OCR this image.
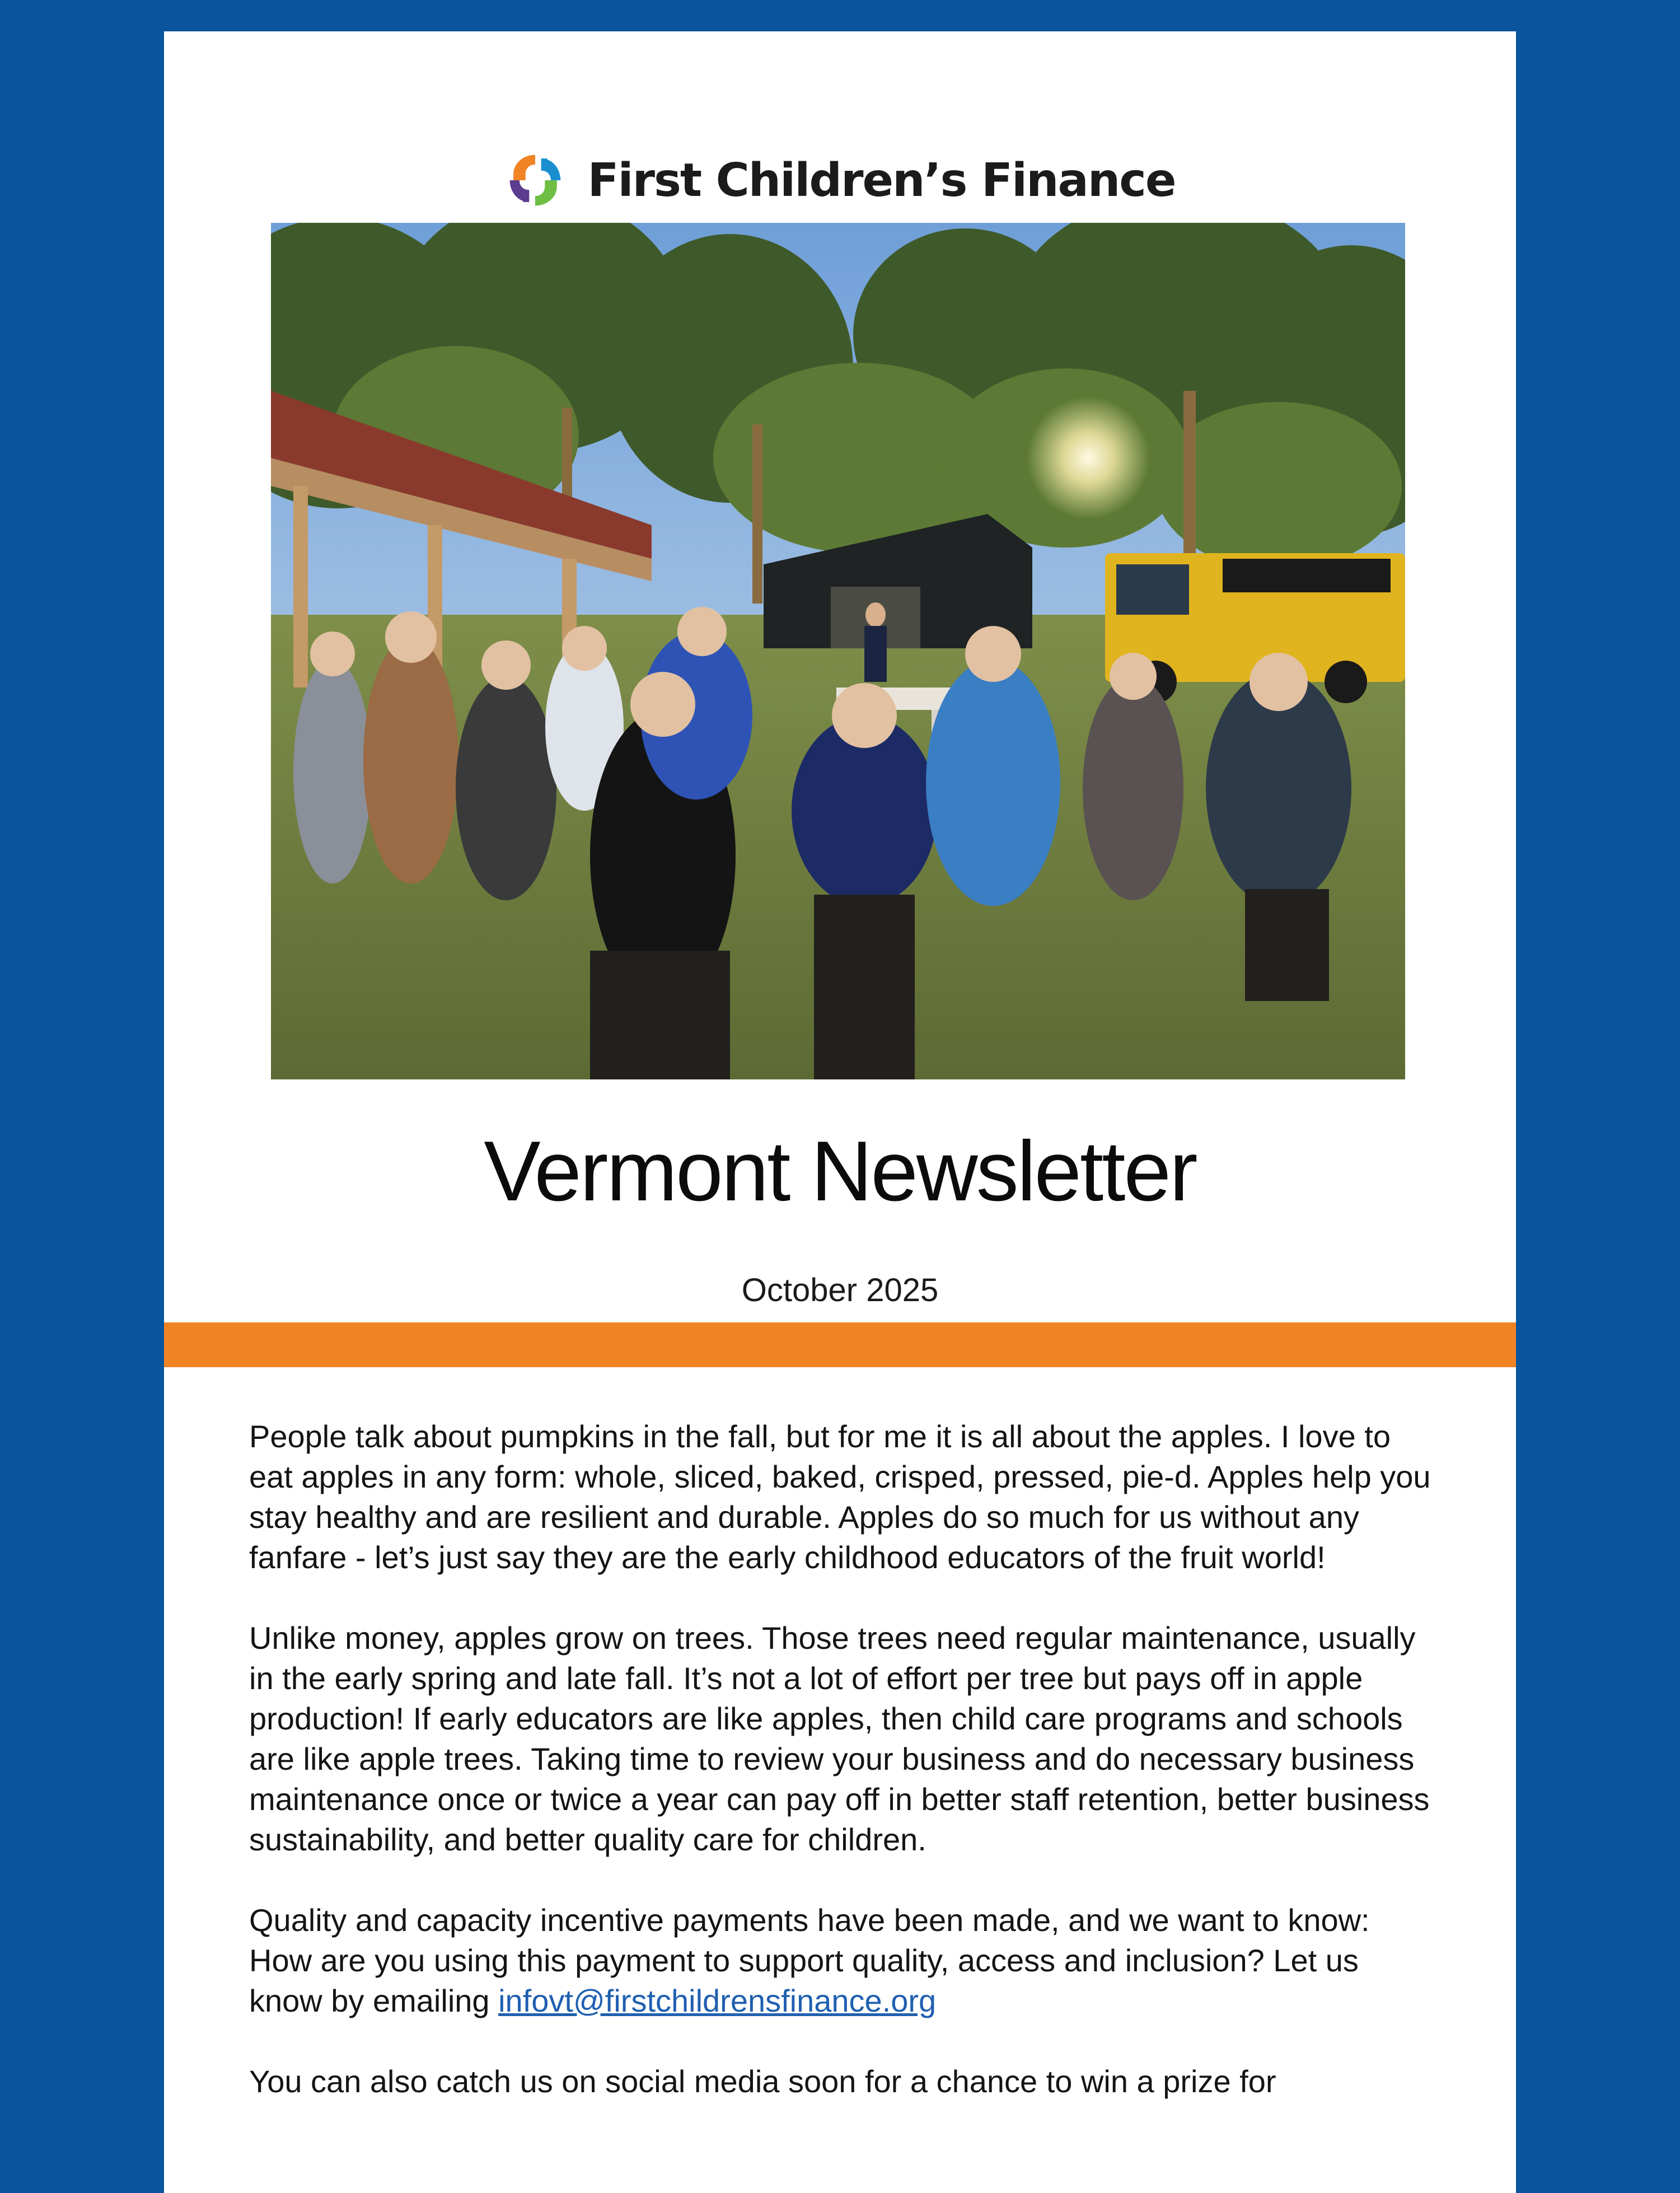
First Children’s Finance
Vermont Newsletter
October 2025

People talk about pumpkins in the fall, but for me it is all about the apples. I love to eat apples in any form: whole, sliced, baked, crisped, pressed, pie-d. Apples help you stay healthy and are resilient and durable. Apples do so much for us without any fanfare - let’s just say they are the early childhood educators of the fruit world!

Unlike money, apples grow on trees. Those trees need regular maintenance, usually in the early spring and late fall. It’s not a lot of effort per tree but pays off in apple production! If early educators are like apples, then child care programs and schools are like apple trees. Taking time to review your business and do necessary business maintenance once or twice a year can pay off in better staff retention, better business sustainability, and better quality care for children.

Quality and capacity incentive payments have been made, and we want to know: How are you using this payment to support quality, access and inclusion? Let us know by emailing infovt@firstchildrensfinance.org

You can also catch us on social media soon for a chance to win a prize for
